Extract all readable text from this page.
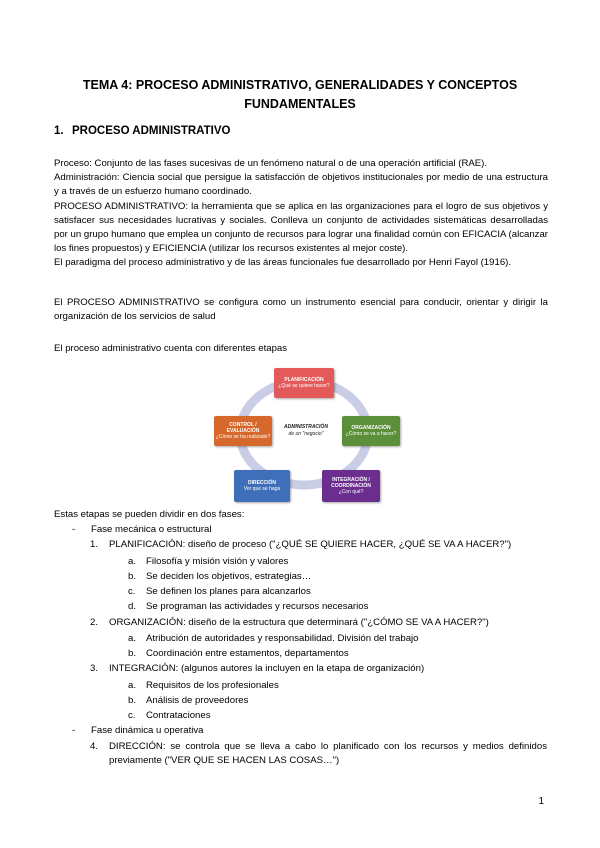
TEMA 4: PROCESO ADMINISTRATIVO, GENERALIDADES Y CONCEPTOS
FUNDAMENTALES
1. PROCESO ADMINISTRATIVO
Proceso: Conjunto de las fases sucesivas de un fenómeno natural o de una operación artificial (RAE).
Administración: Ciencia social que persigue la satisfacción de objetivos institucionales por medio de una estructura y a través de un esfuerzo humano coordinado.
PROCESO ADMINISTRATIVO: la herramienta que se aplica en las organizaciones para el logro de sus objetivos y satisfacer sus necesidades lucrativas y sociales. Conlleva un conjunto de actividades sistemáticas desarrolladas por un grupo humano que emplea un conjunto de recursos para lograr una finalidad común con EFICACIA (alcanzar los fines propuestos) y EFICIENCIA (utilizar los recursos existentes al mejor coste).
El paradigma del proceso administrativo y de las áreas funcionales fue desarrollado por Henri Fayol (1916).
El PROCESO ADMINISTRATIVO se configura como un instrumento esencial para conducir, orientar y dirigir la organización de los servicios de salud
El proceso administrativo cuenta con diferentes etapas
ADMINISTRACIÓN
de un "negocio"
PLANIFICACIÓN
¿Qué se quiere hacer?
ORGANIZACIÓN
¿Cómo se va a hacer?
INTEGRACIÓN / COORDINACIÓN
¿Con qué?
DIRECCIÓN
Ver que se haga
CONTROL / EVALUACIÓN
¿Cómo se ha realizado?
Estas etapas se pueden dividir en dos fases:
- Fase mecánica o estructural
1. PLANIFICACIÓN: diseño de proceso ("¿QUÉ SE QUIERE HACER, ¿QUÉ SE VA A HACER?")
a. Filosofía y misión visión y valores
b. Se deciden los objetivos, estrategias…
c. Se definen los planes para alcanzarlos
d. Se programan las actividades y recursos necesarios
2. ORGANIZACIÓN: diseño de la estructura que determinará ("¿CÓMO SE VA A HACER?")
a. Atribución de autoridades y responsabilidad. División del trabajo
b. Coordinación entre estamentos, departamentos
3. INTEGRACIÓN: (algunos autores la incluyen en la etapa de organización)
a. Requisitos de los profesionales
b. Análisis de proveedores
c. Contrataciones
- Fase dinámica u operativa
4. DIRECCIÓN: se controla que se lleva a cabo lo planificado con los recursos y medios definidos previamente ("VER QUE SE HACEN LAS COSAS…")
1
